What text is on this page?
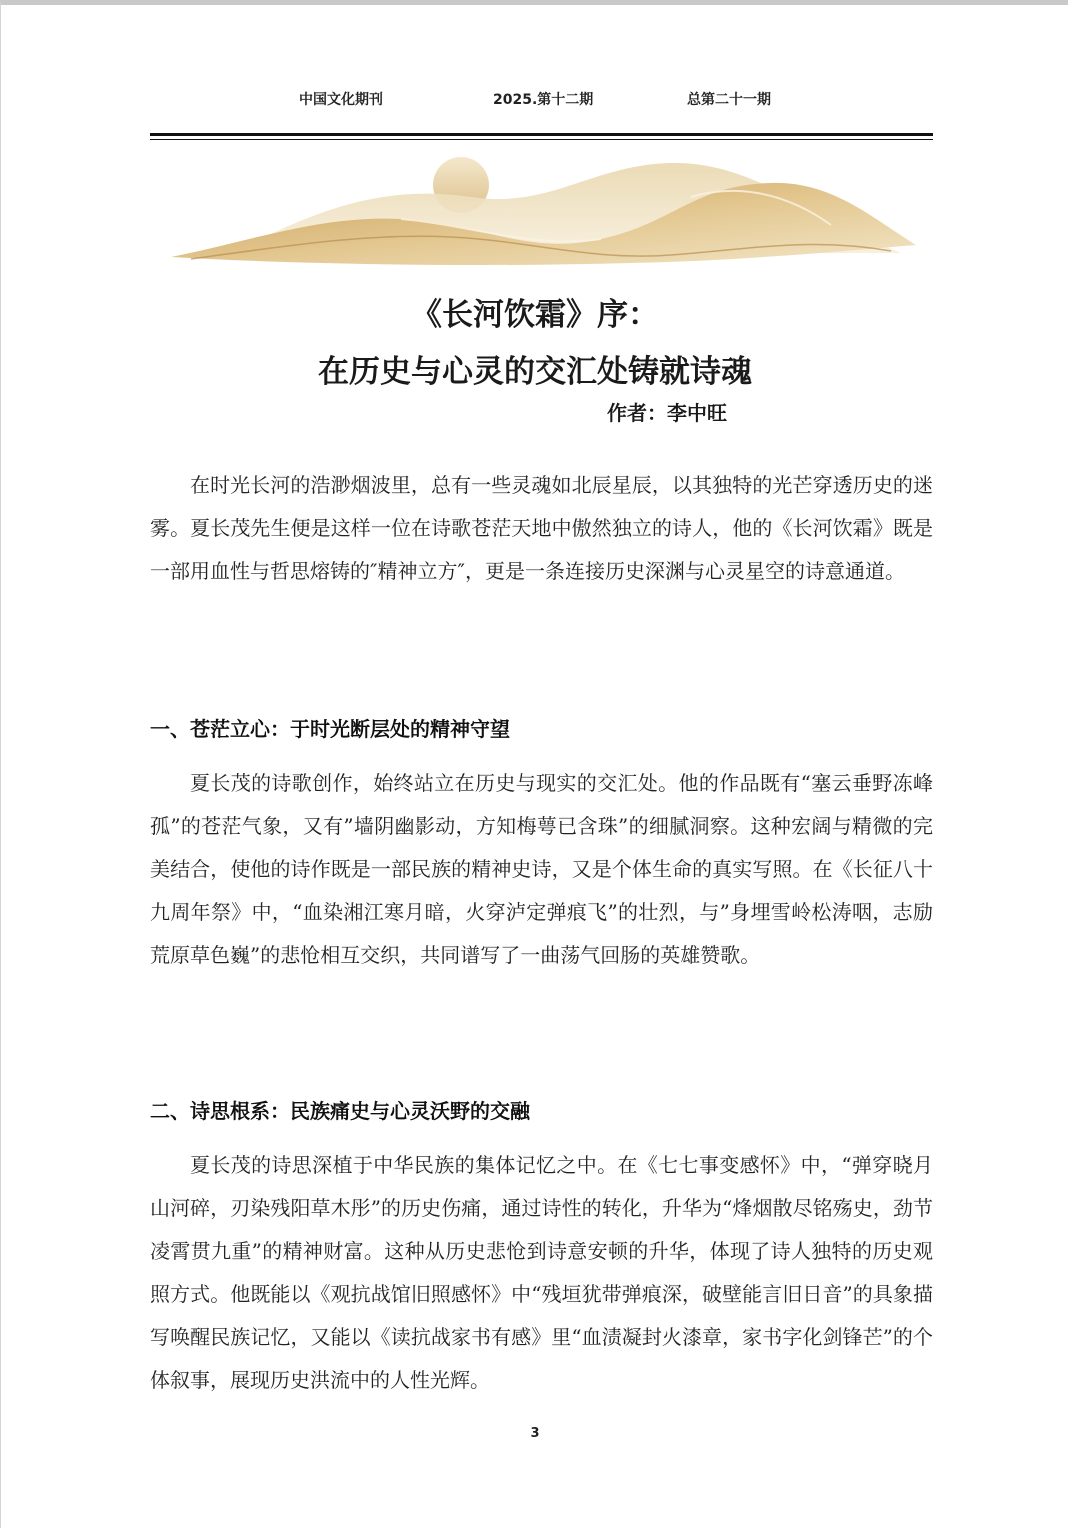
中国文化期刊	2025.第十二期	总第二十一期
《长河饮霜》序：
在历史与心灵的交汇处铸就诗魂
作者：李中旺

在时光长河的浩渺烟波里，总有一些灵魂如北辰星辰，以其独特的光芒穿透历史的迷雾。夏长茂先生便是这样一位在诗歌苍茫天地中傲然独立的诗人，他的《长河饮霜》既是一部用血性与哲思熔铸的″精神立方″，更是一条连接历史深渊与心灵星空的诗意通道。

一、苍茫立心：于时光断层处的精神守望

夏长茂的诗歌创作，始终站立在历史与现实的交汇处。他的作品既有“塞云垂野冻峰孤”的苍茫气象，又有”墙阴幽影动，方知梅萼已含珠”的细腻洞察。这种宏阔与精微的完美结合，使他的诗作既是一部民族的精神史诗，又是个体生命的真实写照。在《长征八十九周年祭》中，“血染湘江寒月暗，火穿泸定弹痕飞”的壮烈，与”身埋雪岭松涛咽，志励荒原草色巍”的悲怆相互交织，共同谱写了一曲荡气回肠的英雄赞歌。

二、诗思根系：民族痛史与心灵沃野的交融

夏长茂的诗思深植于中华民族的集体记忆之中。在《七七事变感怀》中，“弹穿晓月山河碎，刃染残阳草木彤”的历史伤痛，通过诗性的转化，升华为“烽烟散尽铭殇史，劲节凌霄贯九重”的精神财富。这种从历史悲怆到诗意安顿的升华，体现了诗人独特的历史观照方式。他既能以《观抗战馆旧照感怀》中“残垣犹带弹痕深，破壁能言旧日音”的具象描写唤醒民族记忆，又能以《读抗战家书有感》里“血渍凝封火漆章，家书字化剑锋芒”的个体叙事，展现历史洪流中的人性光辉。

3
